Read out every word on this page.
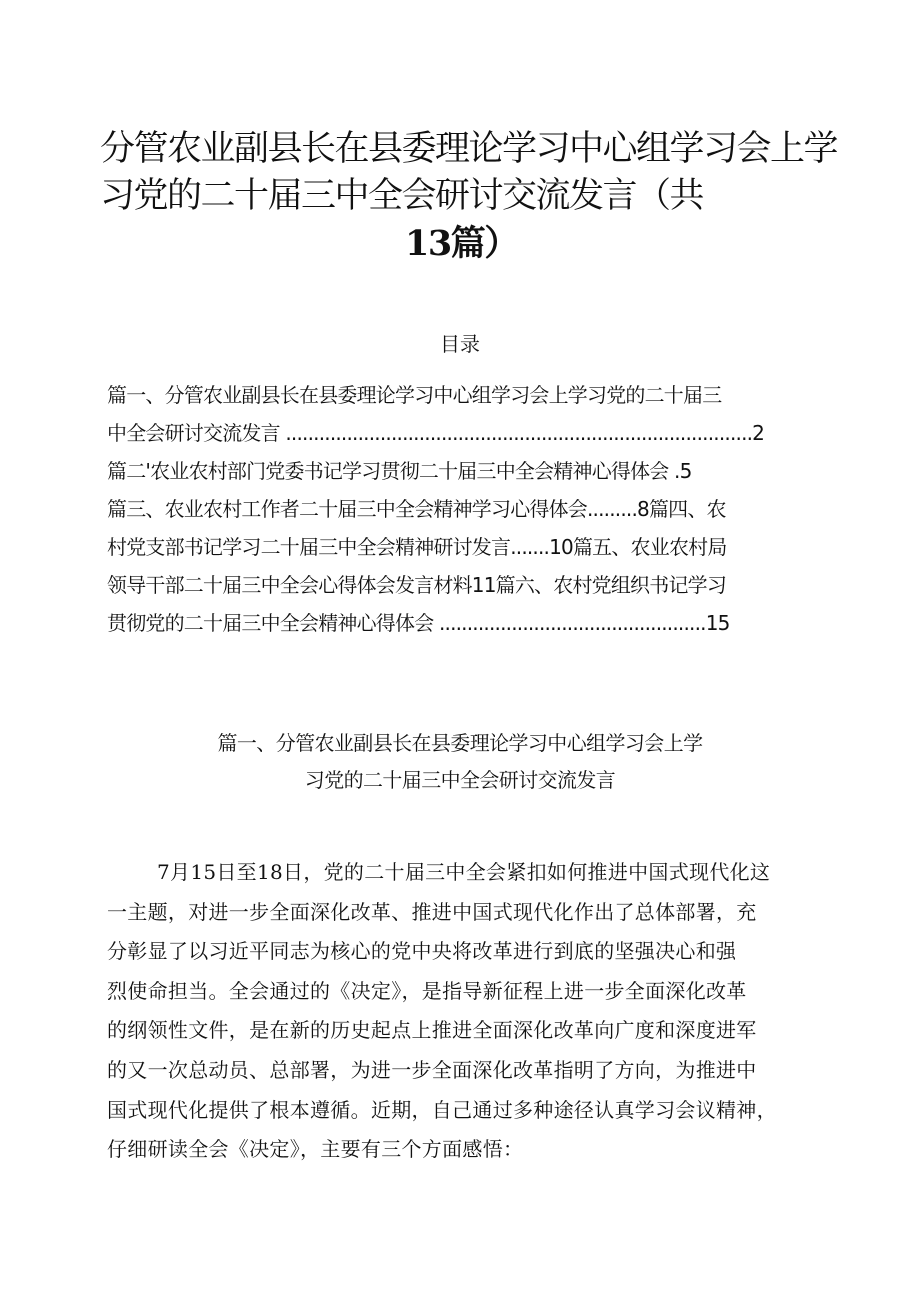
分管农业副县长在县委理论学习中心组学习会上学
习党的二十届三中全会研讨交流发言（共
13篇）
目录
篇一、分管农业副县长在县委理论学习中心组学习会上学习党的二十届三
中全会研讨交流发言 ....................................................................................2
篇二'农业农村部门党委书记学习贯彻二十届三中全会精神心得体会 .5
篇三、农业农村工作者二十届三中全会精神学习心得体会.........8篇四、农
村党支部书记学习二十届三中全会精神研讨发言.......10篇五、农业农村局
领导干部二十届三中全会心得体会发言材料11篇六、农村党组织书记学习
贯彻党的二十届三中全会精神心得体会 ................................................15
篇一、分管农业副县长在县委理论学习中心组学习会上学
习党的二十届三中全会研讨交流发言
7月15日至18日，党的二十届三中全会紧扣如何推进中国式现代化这
一主题，对进一步全面深化改革、推进中国式现代化作出了总体部署，充
分彰显了以习近平同志为核心的党中央将改革进行到底的坚强决心和强
烈使命担当。全会通过的《决定》，是指导新征程上进一步全面深化改革
的纲领性文件，是在新的历史起点上推进全面深化改革向广度和深度进军
的又一次总动员、总部署，为进一步全面深化改革指明了方向，为推进中
国式现代化提供了根本遵循。近期，自己通过多种途径认真学习会议精神，
仔细研读全会《决定》，主要有三个方面感悟：
